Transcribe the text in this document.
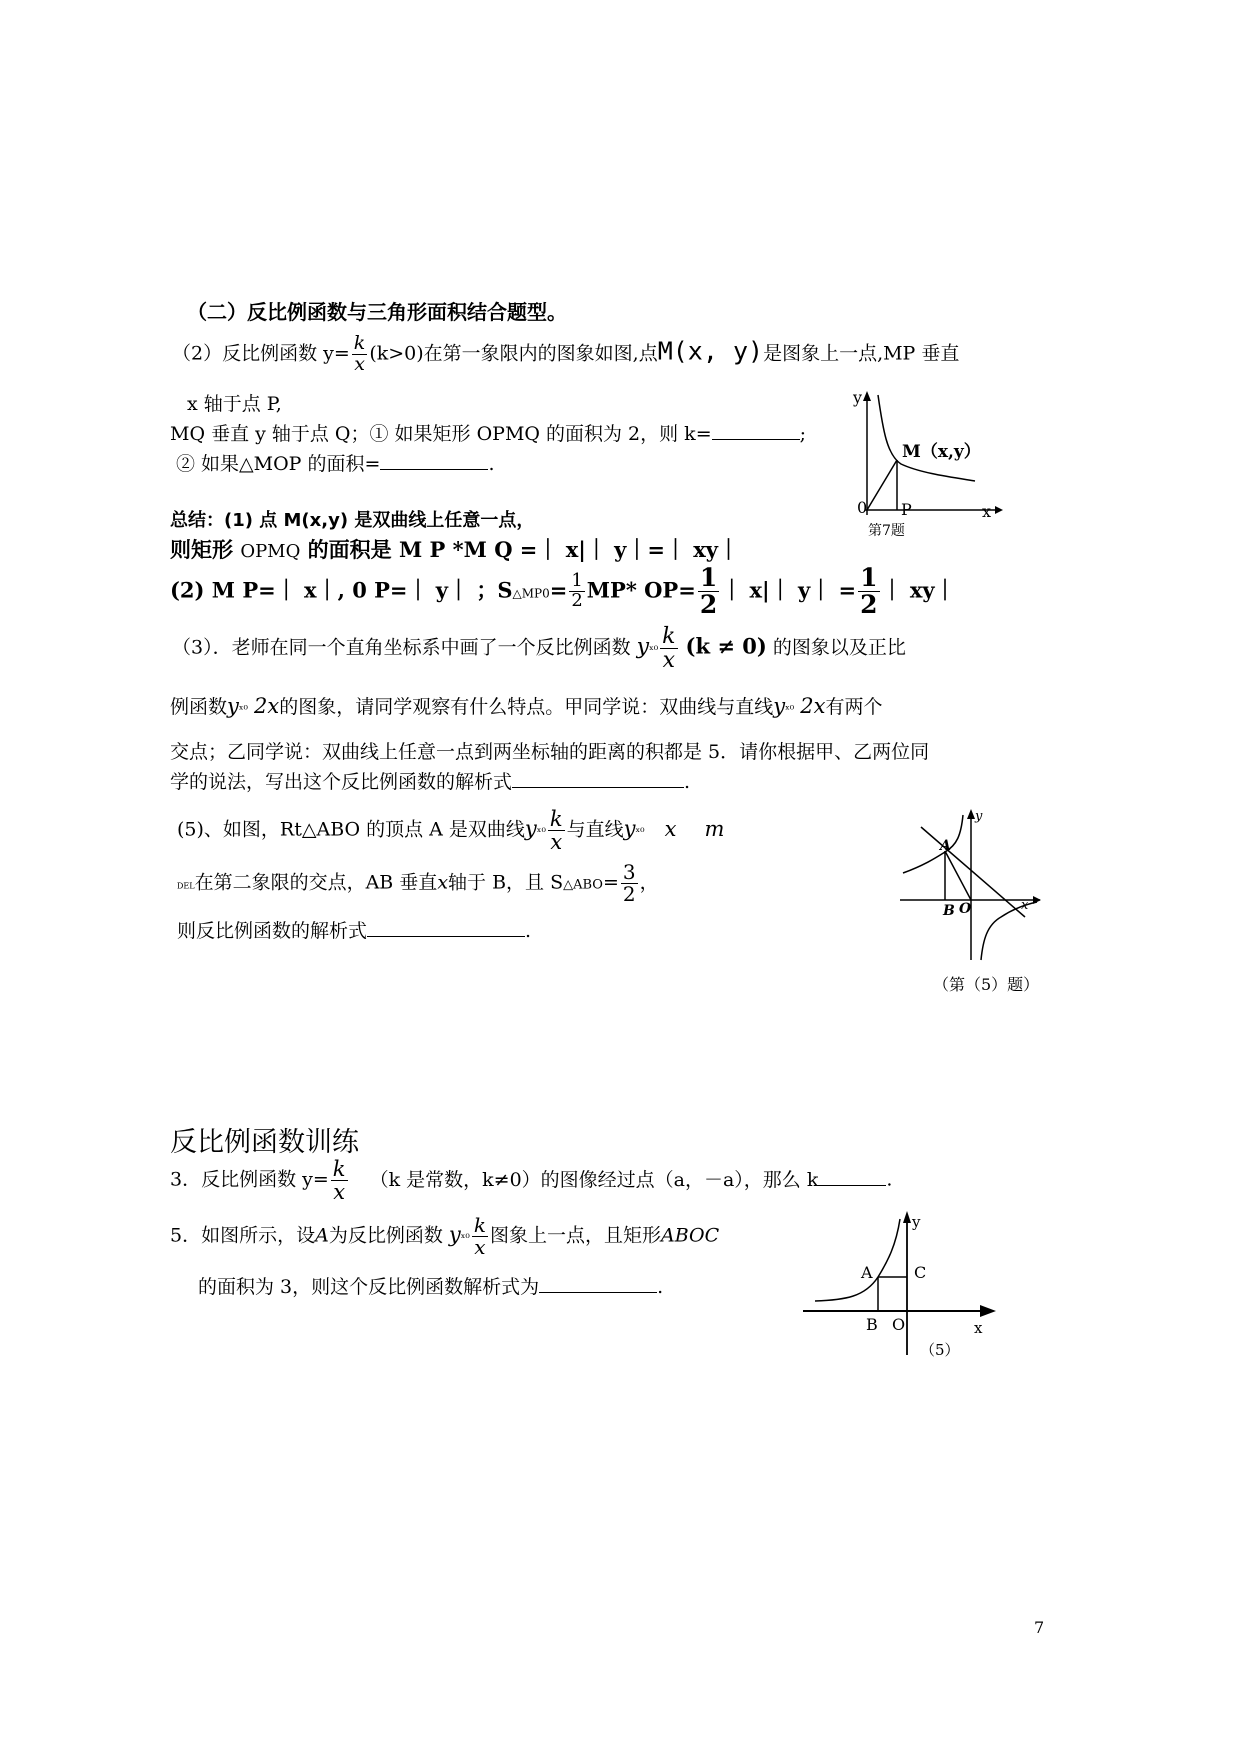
（二）反比例函数与三角形面积结合题型。
（2）反比例函数 $y= \frac{k}{x} (k>0)$在第一象限内的图象如图,点M(x, y)是图象上一点,MP 垂直
x 轴于点 P,
MQ 垂直 y 轴于点 Q；① 如果矩形 OPMQ 的面积为 2，则 k=	;
② 如果△MOP 的面积=	.
y
x
0 P
M（x,y）
第7题
总结：(1) 点 M(x,y) 是双曲线上任意一点，
则矩形 OPMQ 的面积是 M P *M Q =｜ x|｜ y｜=｜ xy｜
(2) M P=｜ x｜, 0 P=｜ y｜ ；S△MP0= $\frac{1}{2} MP*$ $OP= \frac{1}{2}$ ｜ x|｜ y｜ = $\frac{1}{2}$ ｜ xy｜
（3）．老师在同一个直角坐标系中画了一个反比例函数 yˣ⁰ $\frac{k}{x} (k \ne 0)$ 的图象以及正比
例函数yˣ⁰ 2x的图象，请同学观察有什么特点。甲同学说：双曲线与直线yˣ⁰ 2x有两个
交点；乙同学说：双曲线上任意一点到两坐标轴的距离的积都是 5．请你根据甲、乙两位同
学的说法，写出这个反比例函数的解析式	.
(5)、如图，Rt△ABO 的顶点 A 是双曲线yˣ⁰ $\frac{k}{x}$ 与直线yˣ⁰ x m
DEL在第二象限的交点，AB 垂直x轴于 B，且 S△ABO= $\frac{3}{2}$ ，
则反比例函数的解析式	.
y
x
A
B O
（第（5）题）
反比例函数训练
3．反比例函数 $y= \frac{k}{x} (k$ 是常数，k≠0）的图像经过点（a，－a），那么 k	.
5．如图所示，设A为反比例函数 yˣ⁰ $\frac{k}{x}$ 图象上一点，且矩形ABOC
的面积为 3，则这个反比例函数解析式为	.
y
x
A	C
B O
（5）
7
